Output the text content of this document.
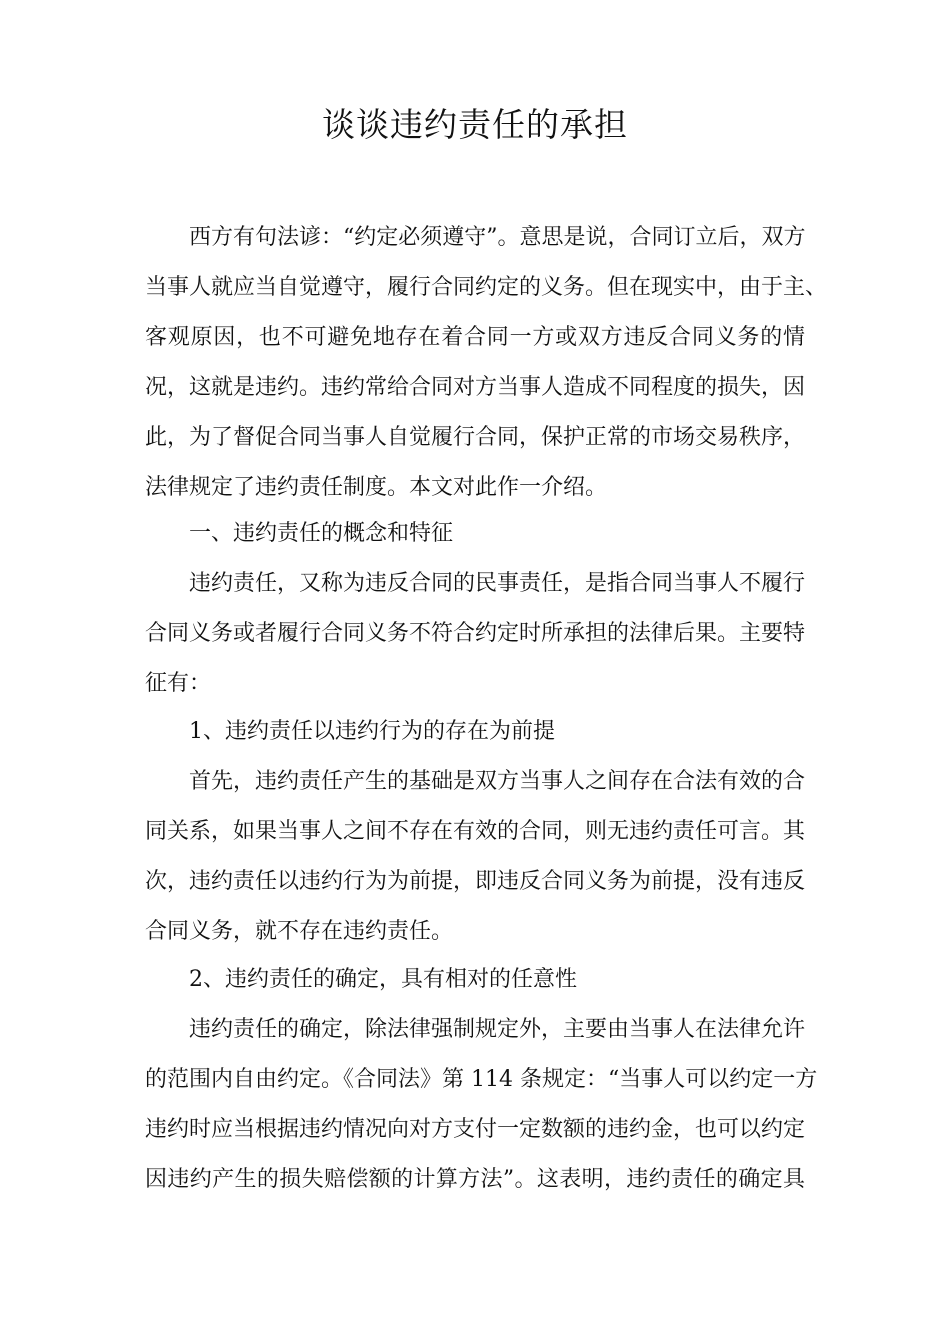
谈谈违约责任的承担

西方有句法谚：“约定必须遵守”。意思是说，合同订立后，双方

当事人就应当自觉遵守，履行合同约定的义务。但在现实中，由于主、

客观原因，也不可避免地存在着合同一方或双方违反合同义务的情

况，这就是违约。违约常给合同对方当事人造成不同程度的损失，因

此，为了督促合同当事人自觉履行合同，保护正常的市场交易秩序，

法律规定了违约责任制度。本文对此作一介绍。

一、违约责任的概念和特征

违约责任，又称为违反合同的民事责任，是指合同当事人不履行

合同义务或者履行合同义务不符合约定时所承担的法律后果。主要特

征有：

1、违约责任以违约行为的存在为前提

首先，违约责任产生的基础是双方当事人之间存在合法有效的合

同关系，如果当事人之间不存在有效的合同，则无违约责任可言。其

次，违约责任以违约行为为前提，即违反合同义务为前提，没有违反

合同义务，就不存在违约责任。

2、违约责任的确定，具有相对的任意性

违约责任的确定，除法律强制规定外，主要由当事人在法律允许

的范围内自由约定。《合同法》第 114 条规定：“当事人可以约定一方

违约时应当根据违约情况向对方支付一定数额的违约金，也可以约定

因违约产生的损失赔偿额的计算方法”。这表明，违约责任的确定具
